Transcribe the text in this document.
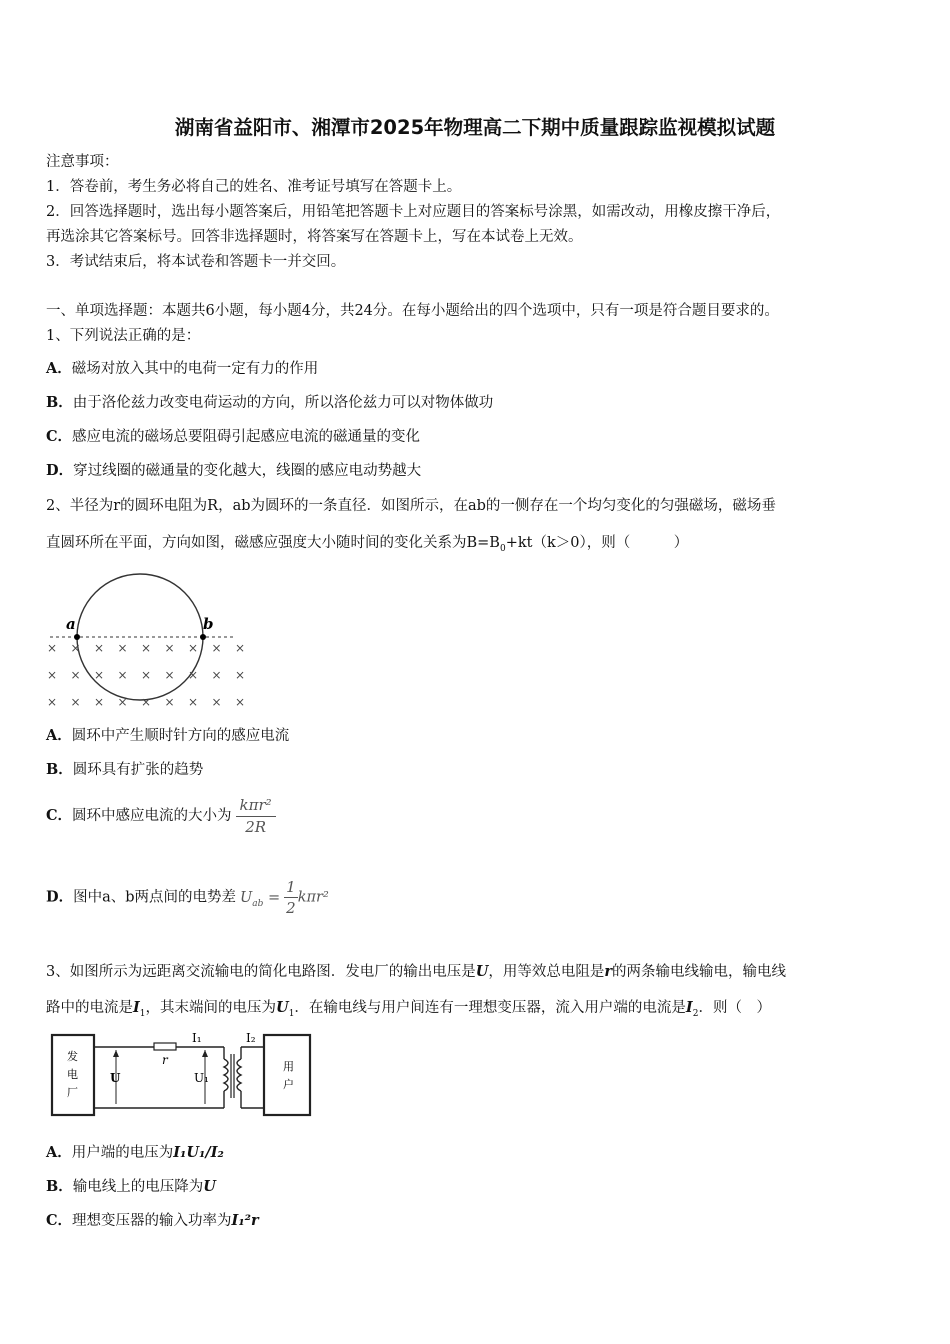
湖南省益阳市、湘潭市2025年物理高二下期中质量跟踪监视模拟试题
注意事项：
1．答卷前，考生务必将自己的姓名、准考证号填写在答题卡上。
2．回答选择题时，选出每小题答案后，用铅笔把答题卡上对应题目的答案标号涂黑，如需改动，用橡皮擦干净后，
再选涂其它答案标号。回答非选择题时，将答案写在答题卡上，写在本试卷上无效。
3．考试结束后，将本试卷和答题卡一并交回。
一、单项选择题：本题共6小题，每小题4分，共24分。在每小题给出的四个选项中，只有一项是符合题目要求的。
1、下列说法正确的是：
A．磁场对放入其中的电荷一定有力的作用
B．由于洛伦兹力改变电荷运动的方向，所以洛伦兹力可以对物体做功
C．感应电流的磁场总要阻碍引起感应电流的磁通量的变化
D．穿过线圈的磁通量的变化越大，线圈的感应电动势越大
2、半径为r的圆环电阻为R，ab为圆环的一条直径．如图所示，在ab的一侧存在一个均匀变化的匀强磁场，磁场垂
直圆环所在平面，方向如图，磁感应强度大小随时间的变化关系为$B=B_0+kt(k>0)$，则（　　　）
a	b
× × × × × × × × ×
× × × × × × × × ×
× × × × × × × × ×
A．圆环中产生顺时针方向的感应电流
B．圆环具有扩张的趋势
C．圆环中感应电流的大小为 $\frac{\text{kπr²}}{2R}$
D．图中a、b两点间的电势差 $U_{ab} = \frac{1}{2} k\pi r^2$
3、如图所示为远距离交流输电的简化电路图．发电厂的输出电压是U，用等效总电阻是r的两条输电线输电，输电线
路中的电流是$I_1$，其末端间的电压为$U_1$．在输电线与用户间连有一理想变压器，流入用户端的电流是$I_2$．则（　）
发
电
厂
r
I₁
U	U₁
I₂
用
户
A．用户端的电压为I₁U₁/I₂
B．输电线上的电压降为U
C．理想变压器的输入功率为I₁²r
